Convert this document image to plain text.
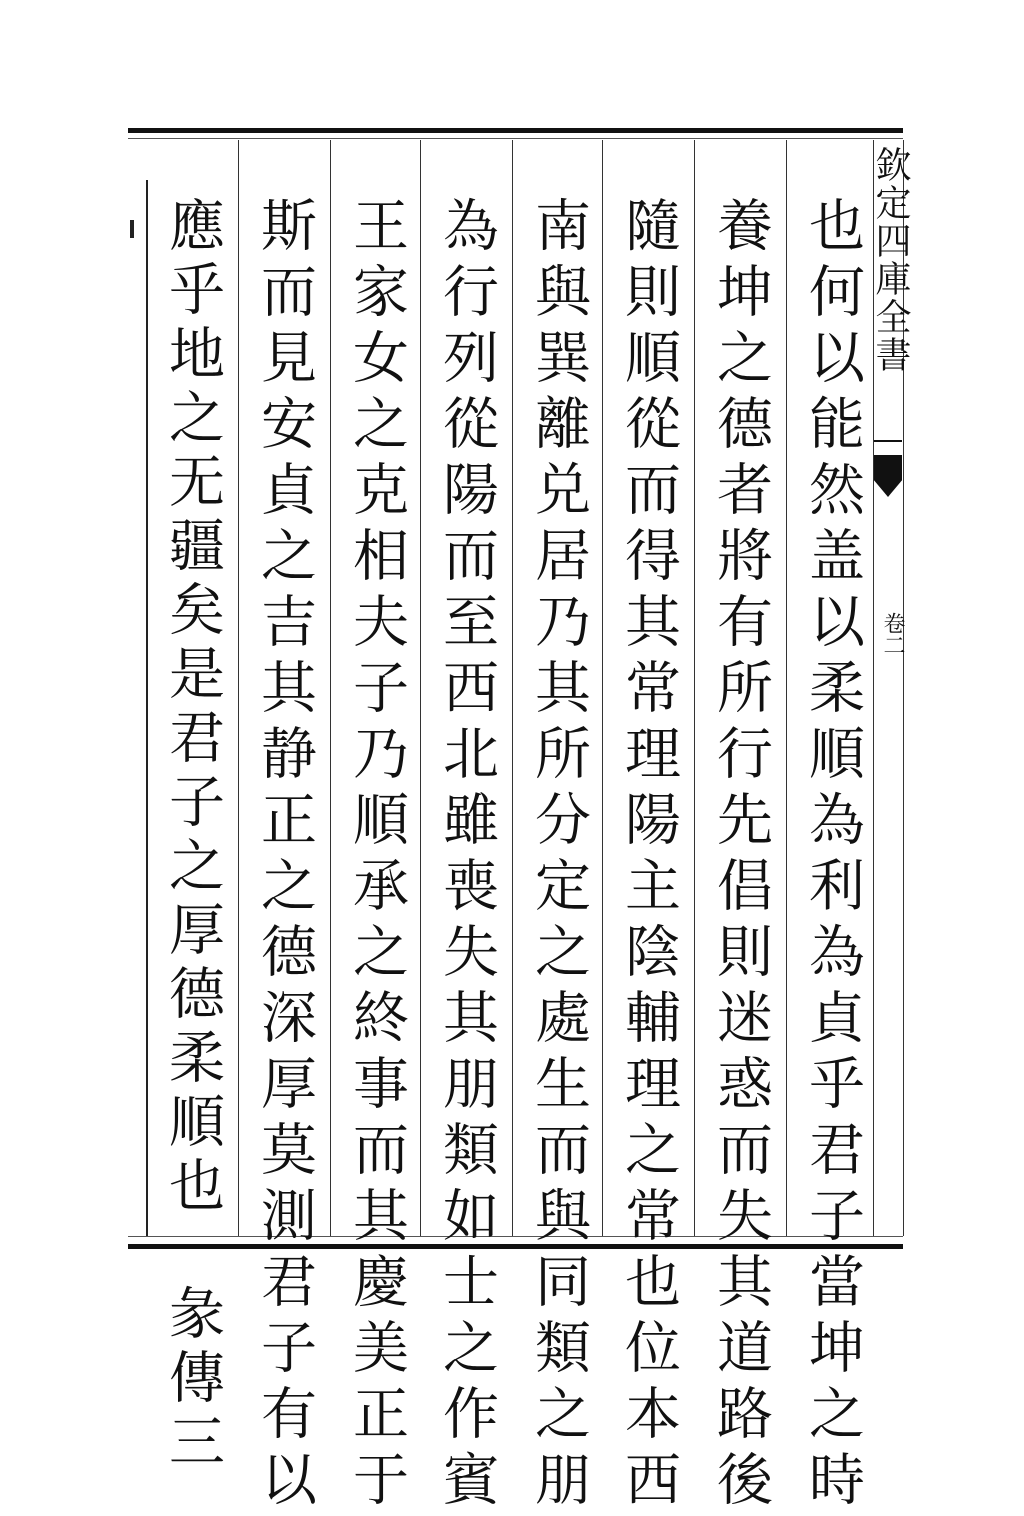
欽定四庫全書
卷二
也何以能然盖以柔順為利為貞乎君子當坤之時
養坤之德者將有所行先倡則迷惑而失其道路後
隨則順從而得其常理陽主陰輔理之常也位本西
南與巽離兑居乃其所分定之處生而與同類之朋
為行列從陽而至西北雖喪失其朋類如士之作賓
王家女之克相夫子乃順承之終事而其慶美正于
斯而見安貞之吉其静正之德深厚莫測君子有以
應乎地之无疆矣是君子之厚德柔順也　彖傳三
